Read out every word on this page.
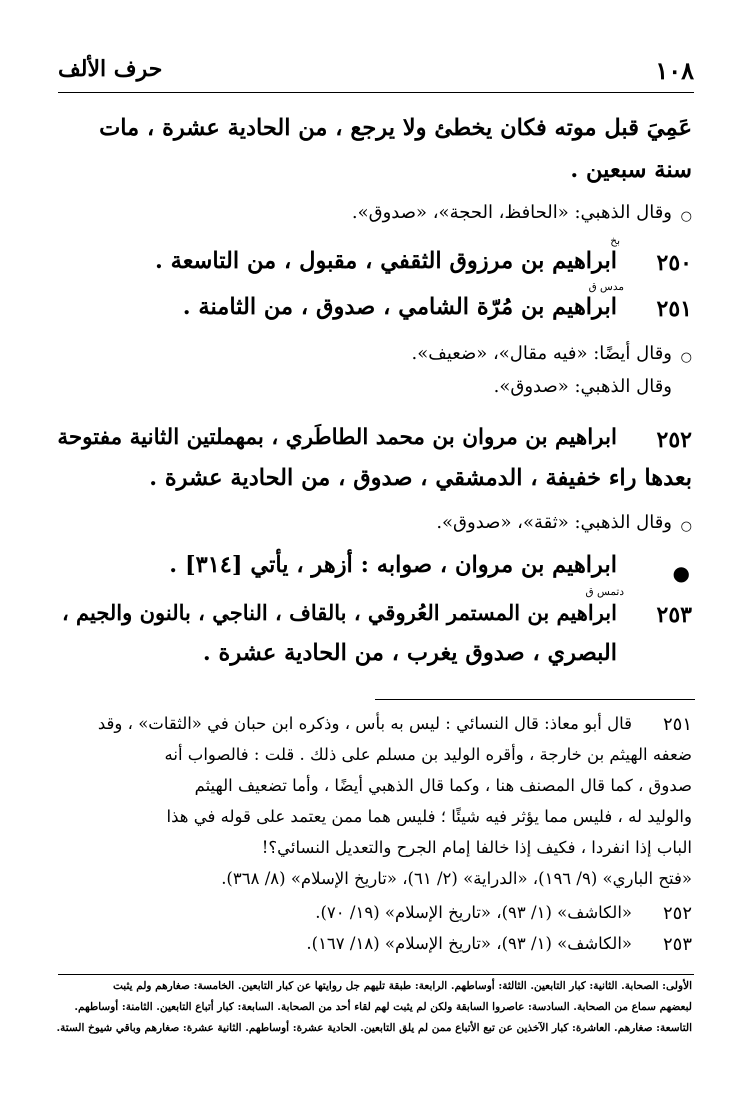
١٠٨
حرف الألف
عَمِيَ قبل موته فكان يخطئ ولا يرجع ، من الحادية عشرة ، مات
سنة سبعين .
○
وقال الذهبي: «الحافظ، الحجة»، «صدوق».
٢٥٠
بخ
ابراهيم بن مرزوق الثقفي ، مقبول ، من التاسعة .
٢٥١
مدس ق
ابراهيم بن مُرّة الشامي ، صدوق ، من الثامنة .
○
وقال أيضًا: «فيه مقال»، «ضعيف».
وقال الذهبي: «صدوق».
٢٥٢
ابراهيم بن مروان بن محمد الطاطَري ، بمهملتين الثانية مفتوحة
بعدها راء خفيفة ، الدمشقي ، صدوق ، من الحادية عشرة .
○
وقال الذهبي: «ثقة»، «صدوق».
●
ابراهيم بن مروان ، صوابه : أزهر ، يأتي [٣١٤] .
٢٥٣
دتمس ق
ابراهيم بن المستمر العُروقي ، بالقاف ، الناجي ، بالنون والجيم ،
البصري ، صدوق يغرب ، من الحادية عشرة .
٢٥١
قال أبو معاذ: قال النسائي : ليس به بأس ، وذكره ابن حبان في «الثقات» ، وقد
ضعفه الهيثم بن خارجة ، وأقره الوليد بن مسلم على ذلك . قلت : فالصواب أنه
صدوق ، كما قال المصنف هنا ، وكما قال الذهبي أيضًا ، وأما تضعيف الهيثم
والوليد له ، فليس مما يؤثر فيه شيئًا ؛ فليس هما ممن يعتمد على قوله في هذا
الباب إذا انفردا ، فكيف إذا خالفا إمام الجرح والتعديل النسائي؟!
«فتح الباري» (٩/ ١٩٦)، «الدراية» (٢/ ٦١)، «تاريخ الإسلام» (٨/ ٣٦٨).
٢٥٢
«الكاشف» (١/ ٩٣)، «تاريخ الإسلام» (١٩/ ٧٠).
٢٥٣
«الكاشف» (١/ ٩٣)، «تاريخ الإسلام» (١٨/ ١٦٧).
الأولى: الصحابة. الثانية: كبار التابعين. الثالثة: أوساطهم. الرابعة: طبقة تليهم جل روايتها عن كبار التابعين. الخامسة: صغارهم ولم يثبت
لبعضهم سماع من الصحابة. السادسة: عاصروا السابقة ولكن لم يثبت لهم لقاء أحد من الصحابة. السابعة: كبار أتباع التابعين. الثامنة: أوساطهم.
التاسعة: صغارهم. العاشرة: كبار الآخذين عن تبع الأتباع ممن لم يلق التابعين. الحادية عشرة: أوساطهم. الثانية عشرة: صغارهم وباقي شيوخ الستة.
